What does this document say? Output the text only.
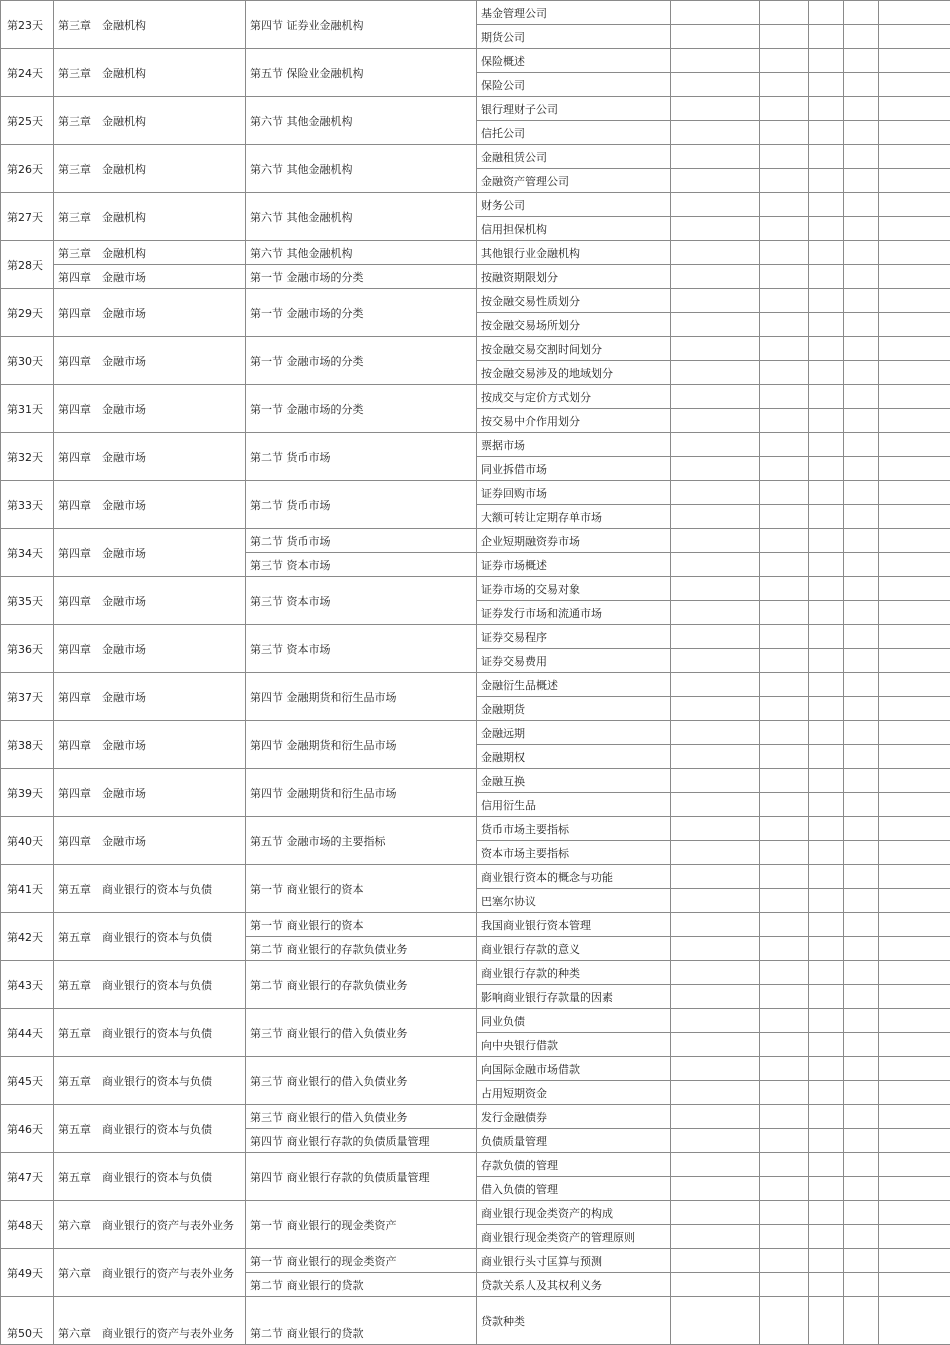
第23天	第三章　金融机构	第四节 证券业金融机构	基金管理公司					
			期货公司					
第24天	第三章　金融机构	第五节 保险业金融机构	保险概述					
			保险公司					
第25天	第三章　金融机构	第六节 其他金融机构	银行理财子公司					
			信托公司					
第26天	第三章　金融机构	第六节 其他金融机构	金融租赁公司					
			金融资产管理公司					
第27天	第三章　金融机构	第六节 其他金融机构	财务公司					
			信用担保机构					
第28天	第三章　金融机构	第六节 其他金融机构	其他银行业金融机构					
	第四章　金融市场	第一节 金融市场的分类	按融资期限划分					
第29天	第四章　金融市场	第一节 金融市场的分类	按金融交易性质划分					
			按金融交易场所划分					
第30天	第四章　金融市场	第一节 金融市场的分类	按金融交易交割时间划分					
			按金融交易涉及的地域划分					
第31天	第四章　金融市场	第一节 金融市场的分类	按成交与定价方式划分					
			按交易中介作用划分					
第32天	第四章　金融市场	第二节 货币市场	票据市场					
			同业拆借市场					
第33天	第四章　金融市场	第二节 货币市场	证券回购市场					
			大额可转让定期存单市场					
第34天	第四章　金融市场	第二节 货币市场	企业短期融资券市场					
		第三节 资本市场	证券市场概述					
第35天	第四章　金融市场	第三节 资本市场	证券市场的交易对象					
			证券发行市场和流通市场					
第36天	第四章　金融市场	第三节 资本市场	证券交易程序					
			证券交易费用					
第37天	第四章　金融市场	第四节 金融期货和衍生品市场	金融衍生品概述					
			金融期货					
第38天	第四章　金融市场	第四节 金融期货和衍生品市场	金融远期					
			金融期权					
第39天	第四章　金融市场	第四节 金融期货和衍生品市场	金融互换					
			信用衍生品					
第40天	第四章　金融市场	第五节 金融市场的主要指标	货币市场主要指标					
			资本市场主要指标					
第41天	第五章　商业银行的资本与负债	第一节 商业银行的资本	商业银行资本的概念与功能					
			巴塞尔协议					
第42天	第五章　商业银行的资本与负债	第一节 商业银行的资本	我国商业银行资本管理					
		第二节 商业银行的存款负债业务	商业银行存款的意义					
第43天	第五章　商业银行的资本与负债	第二节 商业银行的存款负债业务	商业银行存款的种类					
			影响商业银行存款量的因素					
第44天	第五章　商业银行的资本与负债	第三节 商业银行的借入负债业务	同业负债					
			向中央银行借款					
第45天	第五章　商业银行的资本与负债	第三节 商业银行的借入负债业务	向国际金融市场借款					
			占用短期资金					
第46天	第五章　商业银行的资本与负债	第三节 商业银行的借入负债业务	发行金融债券					
		第四节 商业银行存款的负债质量管理	负债质量管理					
第47天	第五章　商业银行的资本与负债	第四节 商业银行存款的负债质量管理	存款负债的管理					
			借入负债的管理					
第48天	第六章　商业银行的资产与表外业务	第一节 商业银行的现金类资产	商业银行现金类资产的构成					
			商业银行现金类资产的管理原则					
第49天	第六章　商业银行的资产与表外业务	第一节 商业银行的现金类资产	商业银行头寸匡算与预测					
		第二节 商业银行的贷款	贷款关系人及其权利义务					
第50天	第六章　商业银行的资产与表外业务	第二节 商业银行的贷款	贷款种类					
